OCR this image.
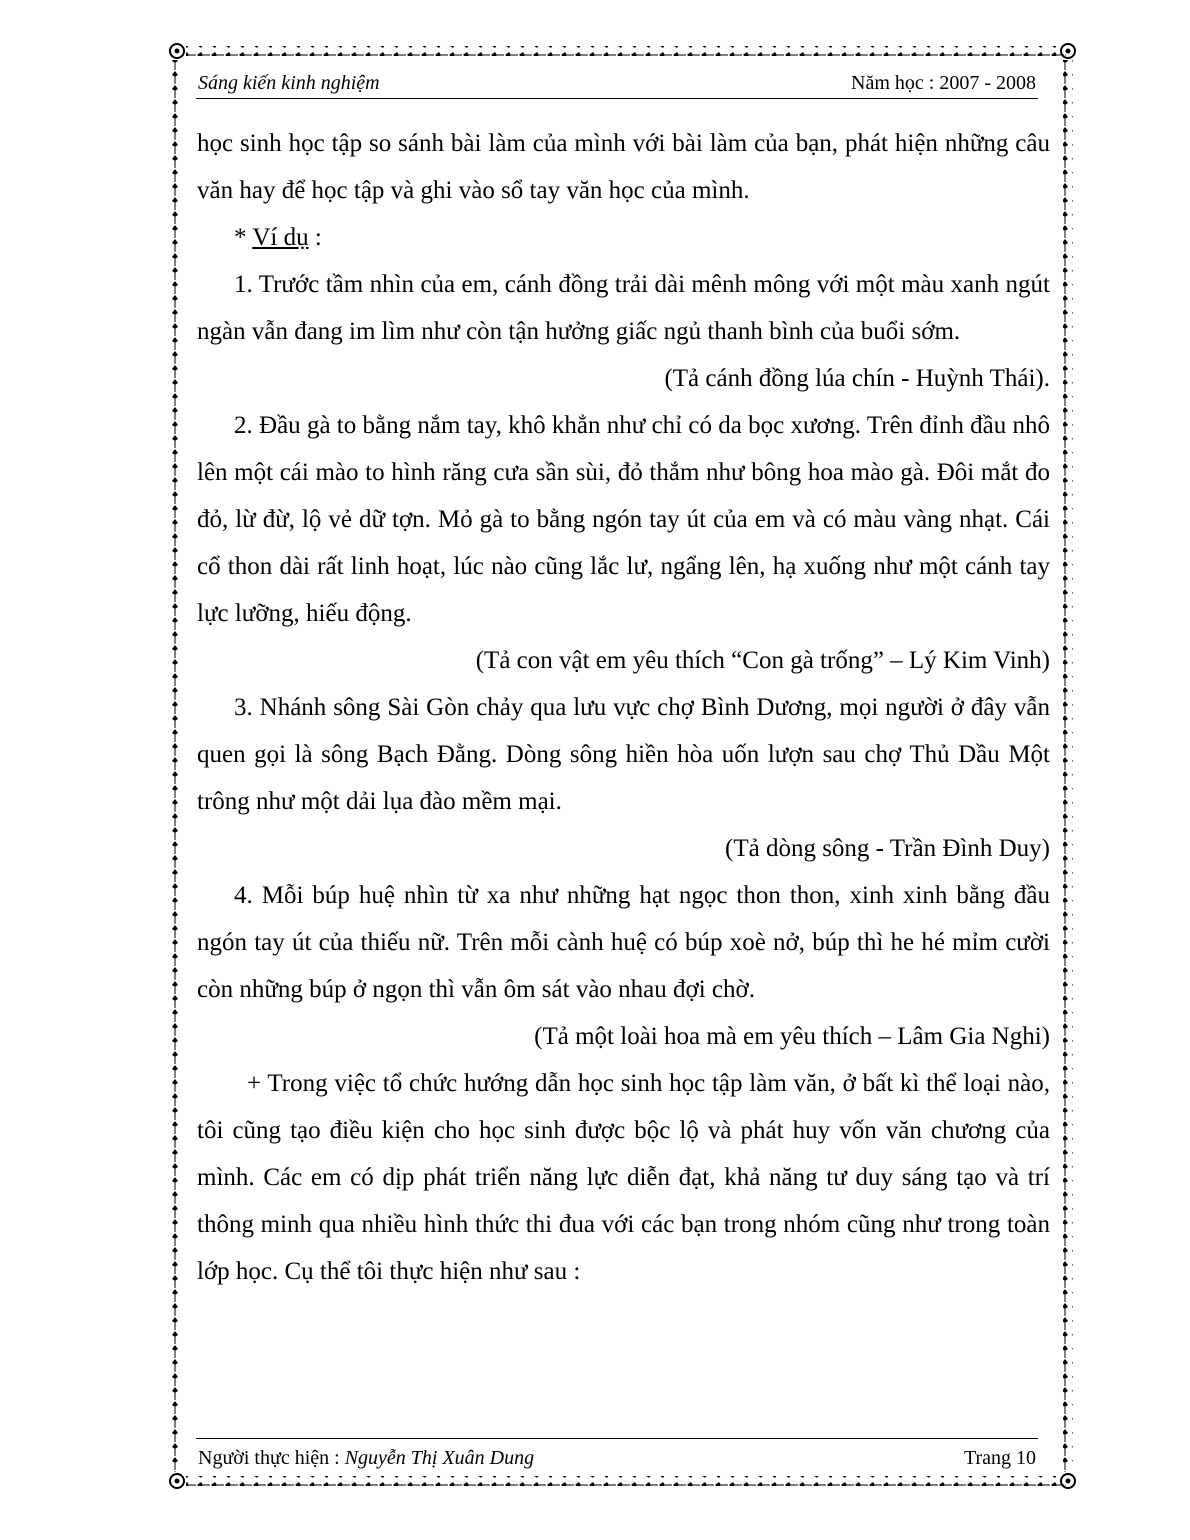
Sáng kiến kinh nghiệm	Năm học : 2007 - 2008

học sinh học tập so sánh bài làm của mình với bài làm của bạn, phát hiện những câu văn hay để học tập và ghi vào sổ tay văn học của mình.

* Ví dụ :

1. Trước tầm nhìn của em, cánh đồng trải dài mênh mông với một màu xanh ngút ngàn vẫn đang im lìm như còn tận hưởng giấc ngủ thanh bình của buổi sớm.

(Tả cánh đồng lúa chín - Huỳnh Thái).

2. Đầu gà to bằng nắm tay, khô khẳn như chỉ có da bọc xương. Trên đỉnh đầu nhô lên một cái mào to hình răng cưa sần sùi, đỏ thắm như bông hoa mào gà. Đôi mắt đo đỏ, lừ đừ, lộ vẻ dữ tợn. Mỏ gà to bằng ngón tay út của em và có màu vàng nhạt. Cái cổ thon dài rất linh hoạt, lúc nào cũng lắc lư, ngẩng lên, hạ xuống như một cánh tay lực lưỡng, hiếu động.

(Tả con vật em yêu thích “Con gà trống” – Lý Kim Vinh)

3. Nhánh sông Sài Gòn chảy qua lưu vực chợ Bình Dương, mọi người ở đây vẫn quen gọi là sông Bạch Đằng. Dòng sông hiền hòa uốn lượn sau chợ Thủ Dầu Một trông như một dải lụa đào mềm mại.

(Tả dòng sông - Trần Đình Duy)

4. Mỗi búp huệ nhìn từ xa như những hạt ngọc thon thon, xinh xinh bằng đầu ngón tay út của thiếu nữ. Trên mỗi cành huệ có búp xoè nở, búp thì he hé mỉm cười còn những búp ở ngọn thì vẫn ôm sát vào nhau đợi chờ.

(Tả một loài hoa mà em yêu thích – Lâm Gia Nghi)

+ Trong việc tổ chức hướng dẫn học sinh học tập làm văn, ở bất kì thể loại nào, tôi cũng tạo điều kiện cho học sinh được bộc lộ và phát huy vốn văn chương của mình. Các em có dịp phát triển năng lực diễn đạt, khả năng tư duy sáng tạo và trí thông minh qua nhiều hình thức thi đua với các bạn trong nhóm cũng như trong toàn lớp học. Cụ thể tôi thực hiện như sau :

Người thực hiện : Nguyễn Thị Xuân Dung	Trang 10
